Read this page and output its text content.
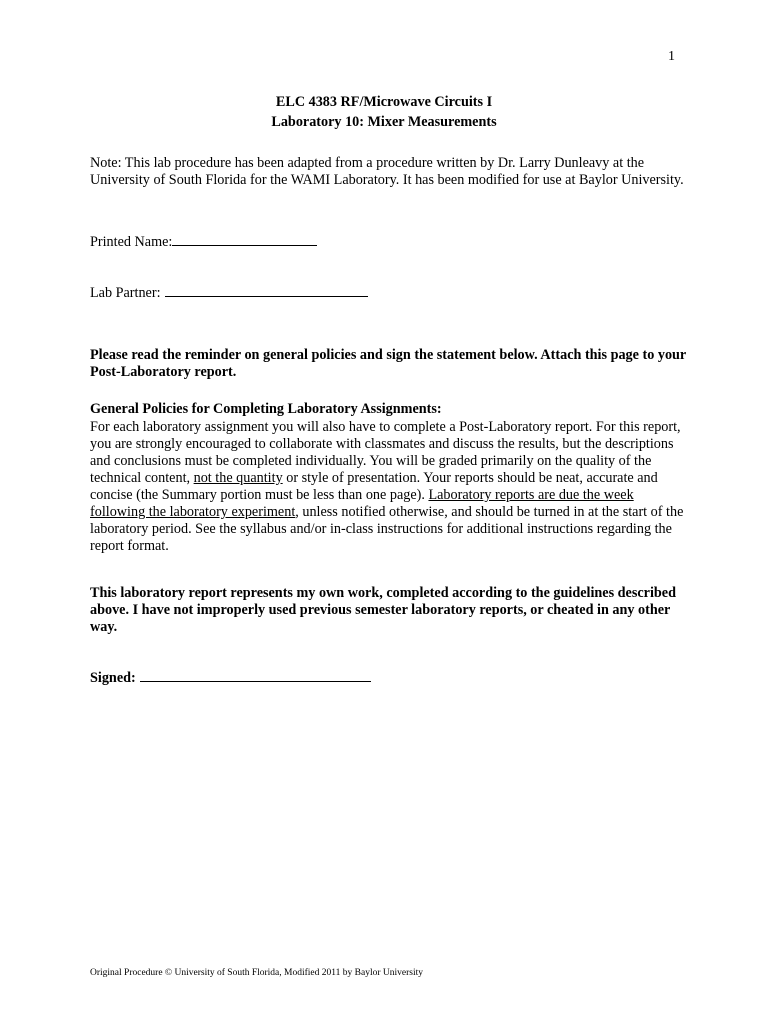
1
ELC 4383 RF/Microwave Circuits I
Laboratory 10: Mixer Measurements

Note: This lab procedure has been adapted from a procedure written by Dr. Larry Dunleavy at the

University of South Florida for the WAMI Laboratory. It has been modified for use at Baylor University.

Printed Name:
Lab Partner:

Please read the reminder on general policies and sign the statement below. Attach this page to your

Post-Laboratory report.

General Policies for Completing Laboratory Assignments:

For each laboratory assignment you will also have to complete a Post-Laboratory report. For this report,

you are strongly encouraged to collaborate with classmates and discuss the results, but the descriptions

and conclusions must be completed individually. You will be graded primarily on the quality of the

technical content, not the quantity or style of presentation. Your reports should be neat, accurate and

concise (the Summary portion must be less than one page). Laboratory reports are due the week

following the laboratory experiment, unless notified otherwise, and should be turned in at the start of the

laboratory period. See the syllabus and/or in-class instructions for additional instructions regarding the

report format.

This laboratory report represents my own work, completed according to the guidelines described

above. I have not improperly used previous semester laboratory reports, or cheated in any other

way.

Signed:
Original Procedure © University of South Florida, Modified 2011 by Baylor University
